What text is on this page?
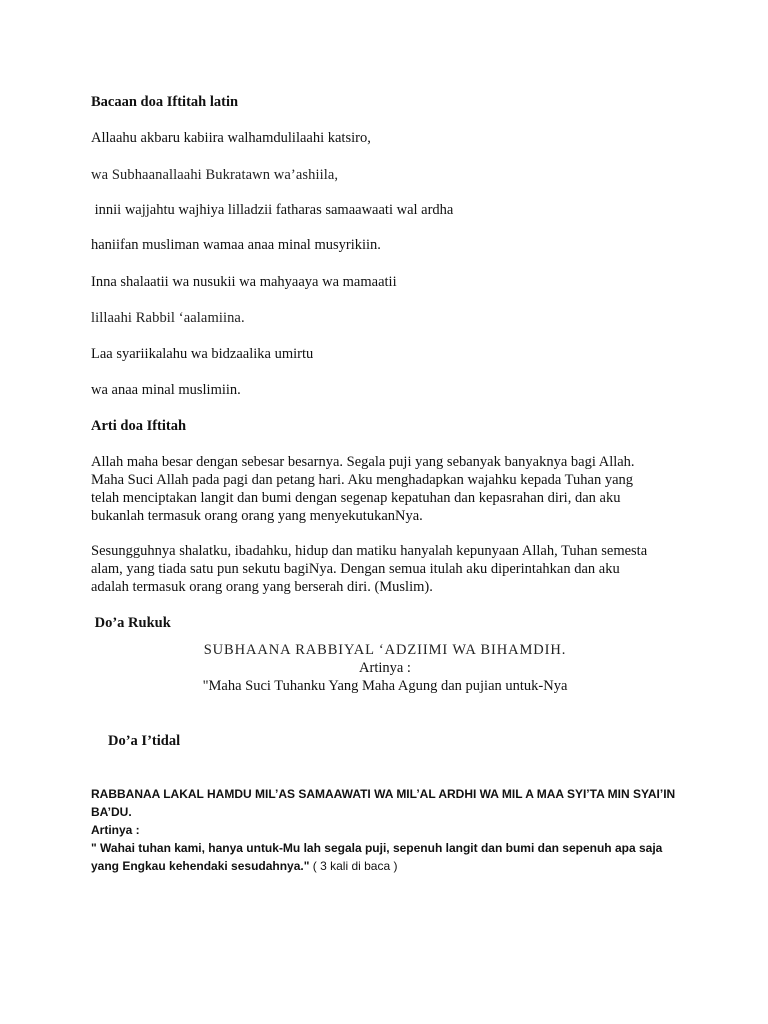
Bacaan doa Iftitah latin
Allaahu akbaru kabiira walhamdulilaahi katsiro,
wa Subhaanallaahi Bukratawn wa’ashiila,
innii wajjahtu wajhiya lilladzii fatharas samaawaati wal ardha
haniifan musliman wamaa anaa minal musyrikiin.
Inna shalaatii wa nusukii wa mahyaaya wa mamaatii
lillaahi Rabbil ‘aalamiina.
Laa syariikalahu wa bidzaalika umirtu
wa anaa minal muslimiin.
Arti doa Iftitah
Allah maha besar dengan sebesar besarnya. Segala puji yang sebanyak banyaknya bagi Allah.
Maha Suci Allah pada pagi dan petang hari. Aku menghadapkan wajahku kepada Tuhan yang
telah menciptakan langit dan bumi dengan segenap kepatuhan dan kepasrahan diri, dan aku
bukanlah termasuk orang orang yang menyekutukanNya.
Sesungguhnya shalatku, ibadahku, hidup dan matiku hanyalah kepunyaan Allah, Tuhan semesta
alam, yang tiada satu pun sekutu bagiNya. Dengan semua itulah aku diperintahkan dan aku
adalah termasuk orang orang yang berserah diri. (Muslim).
Do’a Rukuk
SUBHAANA RABBIYAL ‘ADZIIMI WA BIHAMDIH.
Artinya :
"Maha Suci Tuhanku Yang Maha Agung dan pujian untuk-Nya
Do’a I’tidal
RABBANAA LAKAL HAMDU MIL’AS SAMAAWATI WA MIL’AL ARDHI WA MIL A MAA SYI’TA MIN SYAI’IN
BA’DU.
Artinya :
" Wahai tuhan kami, hanya untuk-Mu lah segala puji, sepenuh langit dan bumi dan sepenuh apa saja
yang Engkau kehendaki sesudahnya." ( 3 kali di baca )
